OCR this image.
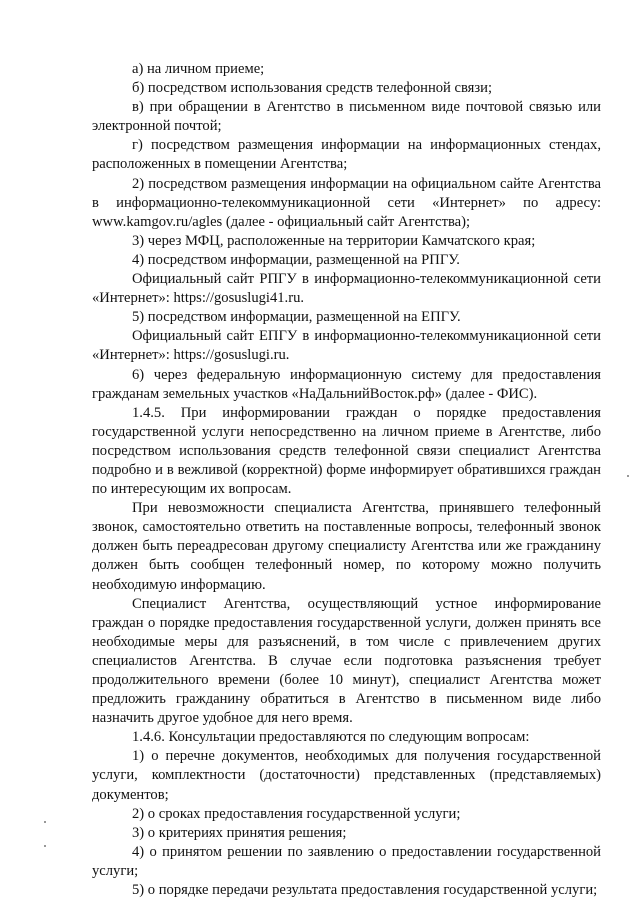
а) на личном приеме;

б) посредством использования средств телефонной связи;

в) при обращении в Агентство в письменном виде почтовой связью или электронной почтой;

г) посредством размещения информации на информационных стендах, расположенных в помещении Агентства;

2) посредством размещения информации на официальном сайте Агентства в информационно-телекоммуникационной сети «Интернет» по адресу: www.kamgov.ru/agles (далее - официальный сайт Агентства);

3) через МФЦ, расположенные на территории Камчатского края;

4) посредством информации, размещенной на РПГУ.

Официальный сайт РПГУ в информационно-телекоммуникационной сети «Интернет»: https://gosuslugi41.ru.

5) посредством информации, размещенной на ЕПГУ.

Официальный сайт ЕПГУ в информационно-телекоммуникационной сети «Интернет»: https://gosuslugi.ru.

6) через федеральную информационную систему для предоставления гражданам земельных участков «НаДальнийВосток.рф» (далее - ФИС).

1.4.5. При информировании граждан о порядке предоставления государственной услуги непосредственно на личном приеме в Агентстве, либо посредством использования средств телефонной связи специалист Агентства подробно и в вежливой (корректной) форме информирует обратившихся граждан по интересующим их вопросам.

При невозможности специалиста Агентства, принявшего телефонный звонок, самостоятельно ответить на поставленные вопросы, телефонный звонок должен быть переадресован другому специалисту Агентства или же гражданину должен быть сообщен телефонный номер, по которому можно получить необходимую информацию.

Специалист Агентства, осуществляющий устное информирование граждан о порядке предоставления государственной услуги, должен принять все необходимые меры для разъяснений, в том числе с привлечением других специалистов Агентства. В случае если подготовка разъяснения требует продолжительного времени (более 10 минут), специалист Агентства может предложить гражданину обратиться в Агентство в письменном виде либо назначить другое удобное для него время.

1.4.6. Консультации предоставляются по следующим вопросам:

1) о перечне документов, необходимых для получения государственной услуги, комплектности (достаточности) представленных (представляемых) документов;

2) о сроках предоставления государственной услуги;

3) о критериях принятия решения;

4) о принятом решении по заявлению о предоставлении государственной услуги;

5) о порядке передачи результата предоставления государственной услуги;
